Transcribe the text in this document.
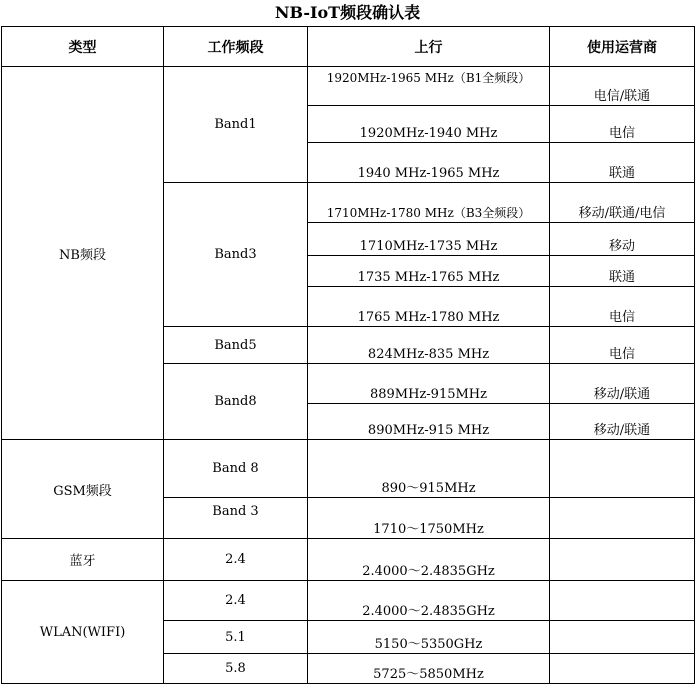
NB-IoT频段确认表
类型	工作频段	上行	使用运营商
NB频段	Band1	1920MHz-1965 MHz（B1全频段）	电信/联通
		1920MHz-1940 MHz	电信
		1940 MHz-1965 MHz	联通
	Band3	1710MHz-1780 MHz（B3全频段）	移动/联通/电信
		1710MHz-1735 MHz	移动
		1735 MHz-1765 MHz	联通
		1765 MHz-1780 MHz	电信
	Band5	824MHz-835 MHz	电信
	Band8	889MHz-915MHz	移动/联通
		890MHz-915 MHz	移动/联通
GSM频段	Band 8	890～915MHz	
	Band 3	1710～1750MHz	
蓝牙	2.4	2.4000～2.4835GHz	
WLAN(WIFI)	2.4	2.4000～2.4835GHz	
	5.1	5150～5350GHz	
	5.8	5725～5850MHz	
